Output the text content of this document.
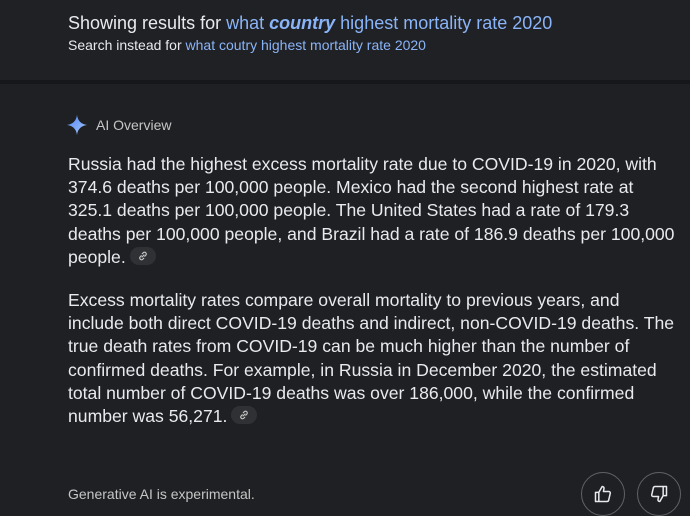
Showing results for what country highest mortality rate 2020
Search instead for what coutry highest mortality rate 2020
AI Overview
Russia had the highest excess mortality rate due to COVID-19 in 2020, with 374.6 deaths per 100,000 people. Mexico had the second highest rate at 325.1 deaths per 100,000 people. The United States had a rate of 179.3 deaths per 100,000 people, and Brazil had a rate of 186.9 deaths per 100,000 people.
Excess mortality rates compare overall mortality to previous years, and include both direct COVID-19 deaths and indirect, non-COVID-19 deaths. The true death rates from COVID-19 can be much higher than the number of confirmed deaths. For example, in Russia in December 2020, the estimated total number of COVID-19 deaths was over 186,000, while the confirmed number was 56,271.
Generative AI is experimental.
